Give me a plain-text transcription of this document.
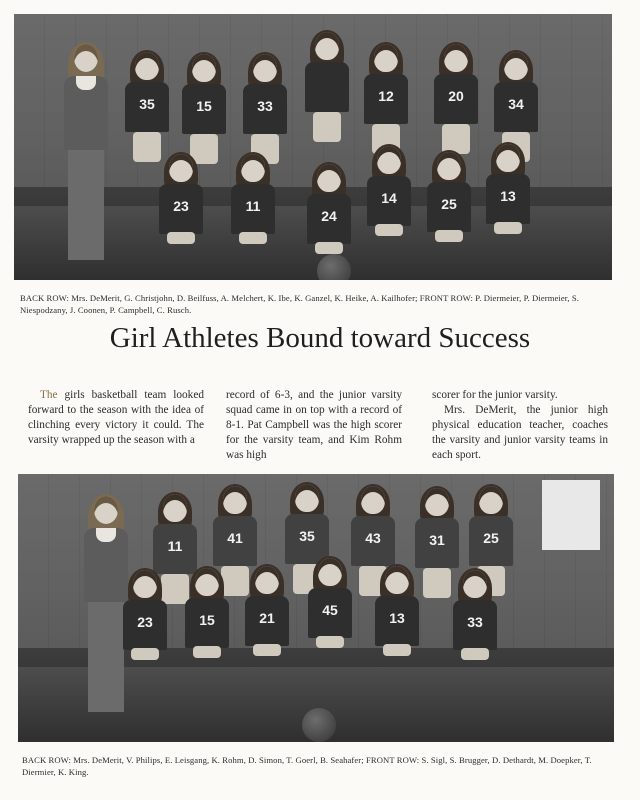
35	15	33
12	20	34
23	11
24
14	25	13
BACK ROW: Mrs. DeMerit, G. Christjohn, D. Beilfuss, A. Melchert, K. Ibe, K. Ganzel, K. Heike, A. Kailhofer; FRONT ROW: P. Diermeier, P. Diermeier, S. Niespodzany, J. Coonen, P. Campbell, C. Rusch.
Girl Athletes Bound toward Success

The girls basketball team looked forward to the season with the idea of clinching every victory it could. The varsity wrapped up the season with a

record of 6-3, and the junior varsity squad came in on top with a record of 8-1. Pat Campbell was the high scorer for the varsity team, and Kim Rohm was high

scorer for the junior varsity.

Mrs. DeMerit, the junior high physical education teacher, coaches the varsity and junior varsity teams in each sport.

11	41	35	43	31	25
23	15	21	45	13	33
BACK ROW: Mrs. DeMerit, V. Philips, E. Leisgang, K. Rohm, D. Simon, T. Goerl, B. Seahafer; FRONT ROW: S. Sigl, S. Brugger, D. Dethardt, M. Doepker, T. Diermier, K. King.
